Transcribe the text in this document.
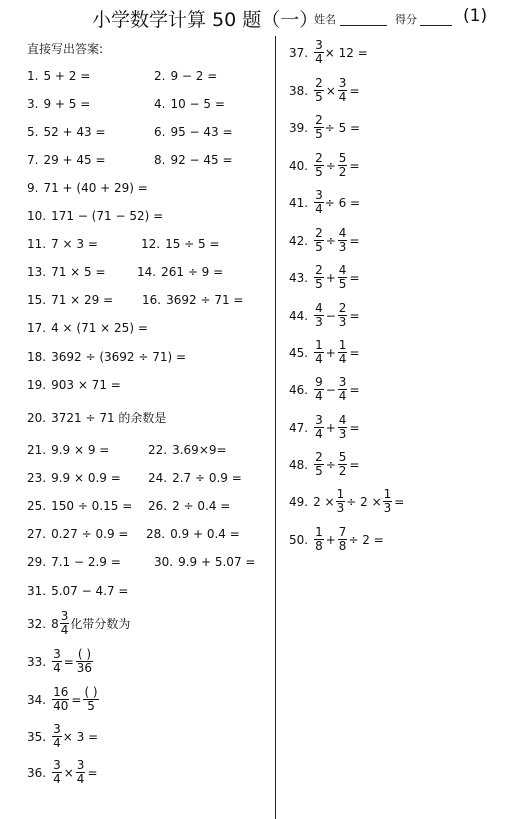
小学数学计算 50 题（一）
姓名	得分	(1)
直接写出答案:
1. 5 + 2 =	2. 9 − 2 =
3. 9 + 5 =	4. 10 − 5 =
5. 52 + 43 =	6. 95 − 43 =
7. 29 + 45 =	8. 92 − 45 =
9. 71 + (40 + 29) =
10. 171 − (71 − 52) =
11. 7 × 3 =	12. 15 ÷ 5 =
13. 71 × 5 =	14. 261 ÷ 9 =
15. 71 × 29 = 16. 3692 ÷ 71 =
17. 4 × (71 × 25) =
18. 3692 ÷ (3692 ÷ 71) =
19. 903 × 71 =
20. 3721 ÷ 71 的余数是
21. 9.9 × 9 =	22. 3.69×9=
23. 9.9 × 0.9 = 24. 2.7 ÷ 0.9 =
25. 150 ÷ 0.15 = 26. 2 ÷ 0.4 =
27. 0.27 ÷ 0.9 = 28. 0.9 + 0.4 =
29. 7.1 − 2.9 =	30. 9.9 + 5.07 =
31. 5.07 − 4.7 =
32. $8 \frac{3}{4}$ 化带分数为
33. $\frac{3}{4} = \frac{( )}{36}$
34. $\frac{16}{40} = \frac{( )}{5}$
35. $\frac{3}{4} \times 3$ =
36. $\frac{3}{4} \times \frac{3}{4}$ =
37. $\frac{3}{4} \times 12$ =
38. $\frac{2}{5} \times \frac{3}{4}$ =
39. $\frac{2}{5} \div 5$ =
40. $\frac{2}{5} \div \frac{5}{2}$ =
41. $\frac{3}{4} \div 6$ =
42. $\frac{2}{5} \div \frac{4}{3}$ =
43. $\frac{2}{5} + \frac{4}{5}$ =
44. $\frac{4}{3} - \frac{2}{3}$ =
45. $\frac{1}{4} + \frac{1}{4}$ =
46. $\frac{9}{4} - \frac{3}{4}$ =
47. $\frac{3}{4} + \frac{4}{3}$ =
48. $\frac{2}{5} \div \frac{5}{2}$ =
49. $2 \times \frac{1}{3} \div 2 \times \frac{1}{3}$ =
50. $\frac{1}{8} + \frac{7}{8} \div 2$ =
